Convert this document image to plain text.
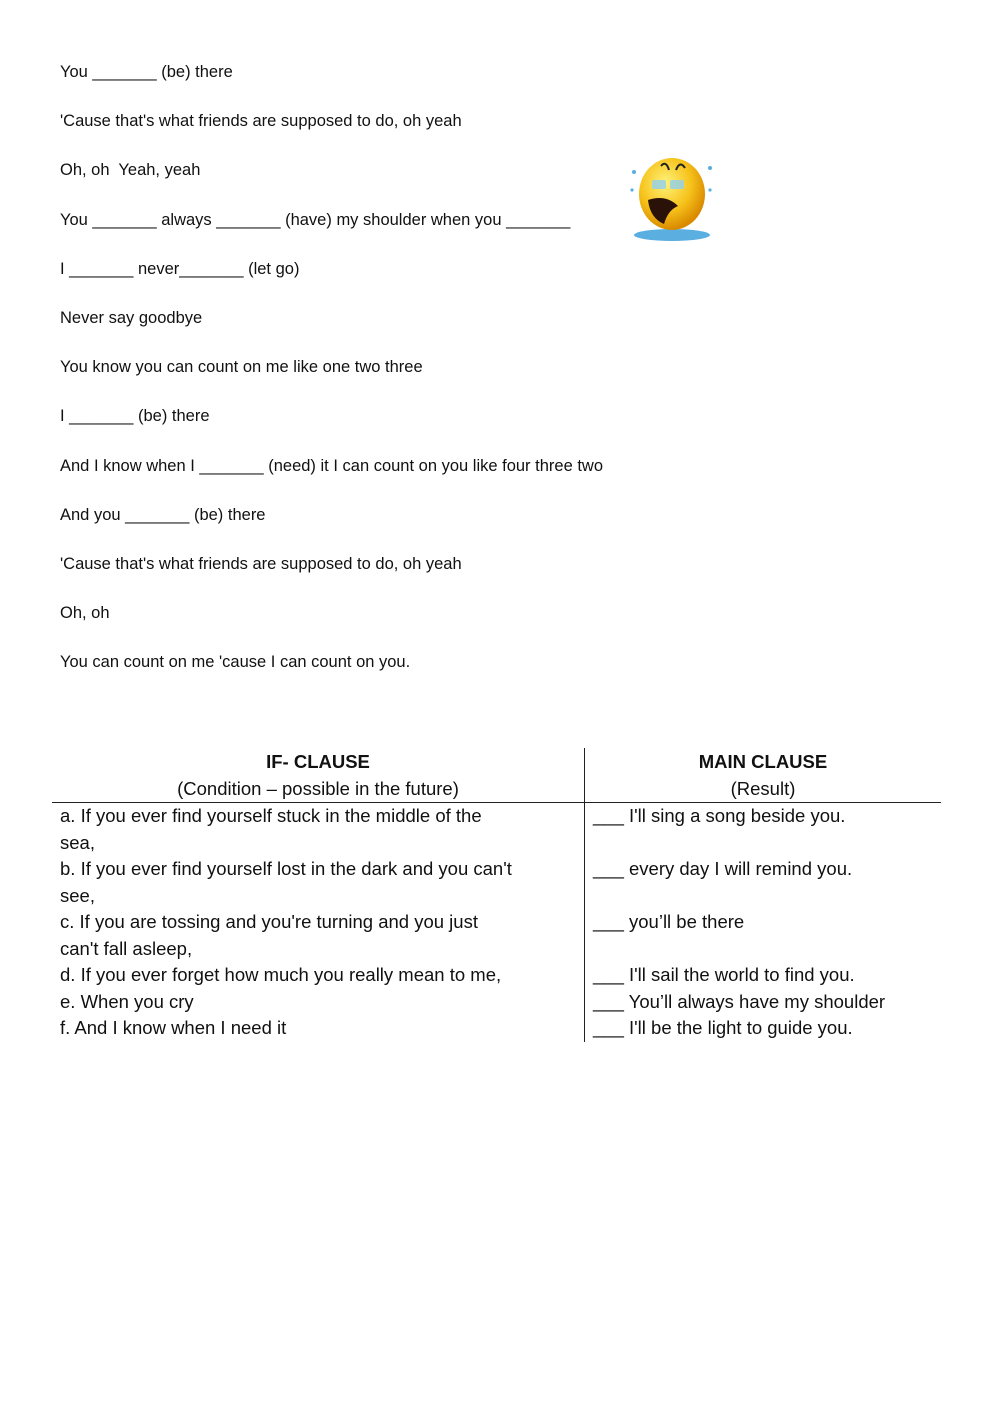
You _______ (be) there
'Cause that's what friends are supposed to do, oh yeah
Oh, oh  Yeah, yeah
You _______ always _______ (have) my shoulder when you _______
I _______ never_______ (let go)
Never say goodbye
You know you can count on me like one two three
I _______ (be) there
And I know when I _______ (need) it I can count on you like four three two
And you _______ (be) there
'Cause that's what friends are supposed to do, oh yeah
Oh, oh
You can count on me 'cause I can count on you.
IF- CLAUSE
(Condition – possible in the future)
MAIN CLAUSE
(Result)
a. If you ever find yourself stuck in the middle of the
sea,
b. If you ever find yourself lost in the dark and you can't
see,
c. If you are tossing and you're turning and you just
can't fall asleep,
d. If you ever forget how much you really mean to me,
e. When you cry
f. And I know when I need it
___ I'll sing a song beside you.
___ every day I will remind you.
___ you’ll be there
___ I'll sail the world to find you.
___ You’ll always have my shoulder
___ I'll be the light to guide you.
